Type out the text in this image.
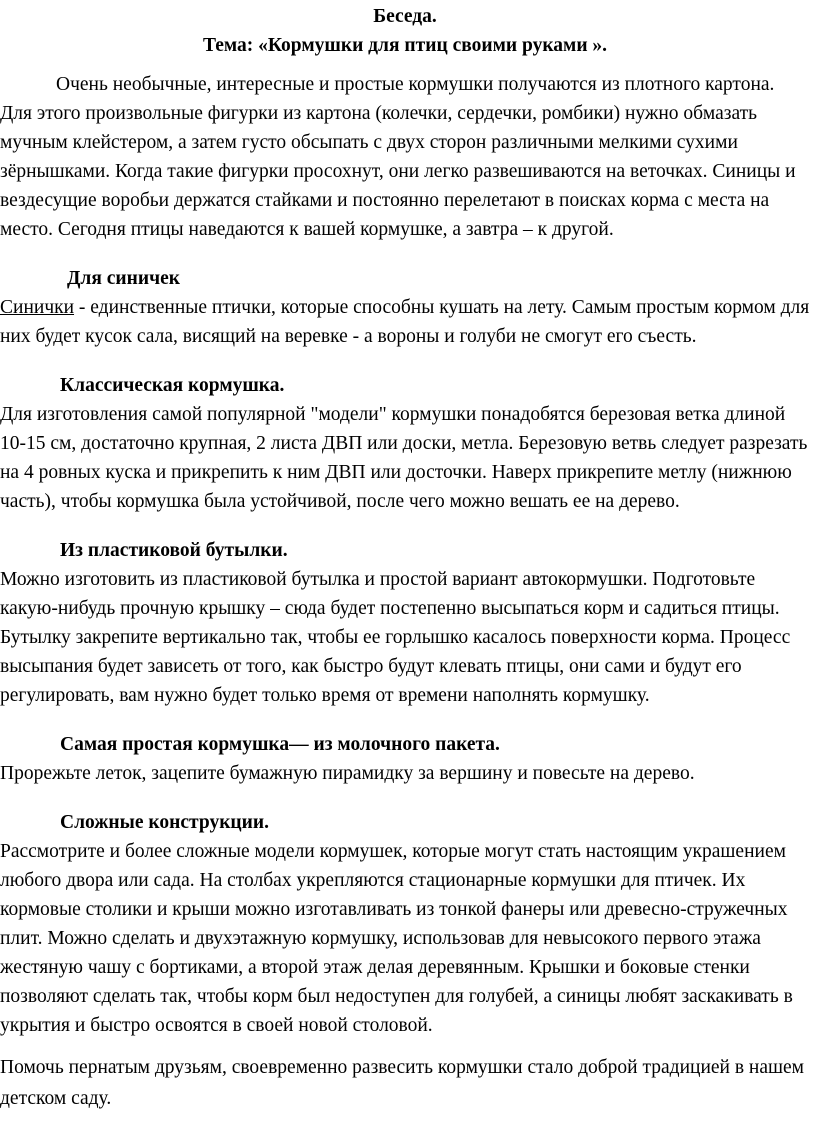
Беседа.

Тема: «Кормушки для птиц своими руками ».

Очень необычные, интересные и простые кормушки получаются из плотного картона. Для этого произвольные фигурки из картона (колечки, сердечки, ромбики) нужно обмазать мучным клейстером, а затем густо обсыпать с двух сторон различными мелкими сухими зёрнышками. Когда такие фигурки просохнут, они легко развешиваются на веточках. Синицы и вездесущие воробьи держатся стайками и постоянно перелетают в поисках корма с места на место. Сегодня птицы наведаются к вашей кормушке, а завтра – к другой.

Для синичек

Синички - единственные птички, которые способны кушать на лету. Самым простым кормом для них будет кусок сала, висящий на веревке - а вороны и голуби не смогут его съесть.

Классическая кормушка.

Для изготовления самой популярной "модели" кормушки понадобятся березовая ветка длиной 10-15 см, достаточно крупная, 2 листа ДВП или доски, метла. Березовую ветвь следует разрезать на 4 ровных куска и прикрепить к ним ДВП или досточки. Наверх прикрепите метлу (нижнюю часть), чтобы кормушка была устойчивой, после чего можно вешать ее на дерево.

Из пластиковой бутылки.

Можно изготовить из пластиковой бутылка и простой вариант автокормушки. Подготовьте какую-нибудь прочную крышку – сюда будет постепенно высыпаться корм и садиться птицы. Бутылку закрепите вертикально так, чтобы ее горлышко касалось поверхности корма. Процесс высыпания будет зависеть от того, как быстро будут клевать птицы, они сами и будут его регулировать, вам нужно будет только время от времени наполнять кормушку.

Самая простая кормушка— из молочного пакета.

Прорежьте леток, зацепите бумажную пирамидку за вершину и повесьте на дерево.

Сложные конструкции.

Рассмотрите и более сложные модели кормушек, которые могут стать настоящим украшением любого двора или сада. На столбах укрепляются стационарные кормушки для птичек. Их кормовые столики и крыши можно изготавливать из тонкой фанеры или древесно-стружечных плит. Можно сделать и двухэтажную кормушку, использовав для невысокого первого этажа жестяную чашу с бортиками, а второй этаж делая деревянным. Крышки и боковые стенки позволяют сделать так, чтобы корм был недоступен для голубей, а синицы любят заскакивать в укрытия и быстро освоятся в своей новой столовой.

Помочь пернатым друзьям, своевременно развесить кормушки стало доброй традицией в нашем детском саду.
